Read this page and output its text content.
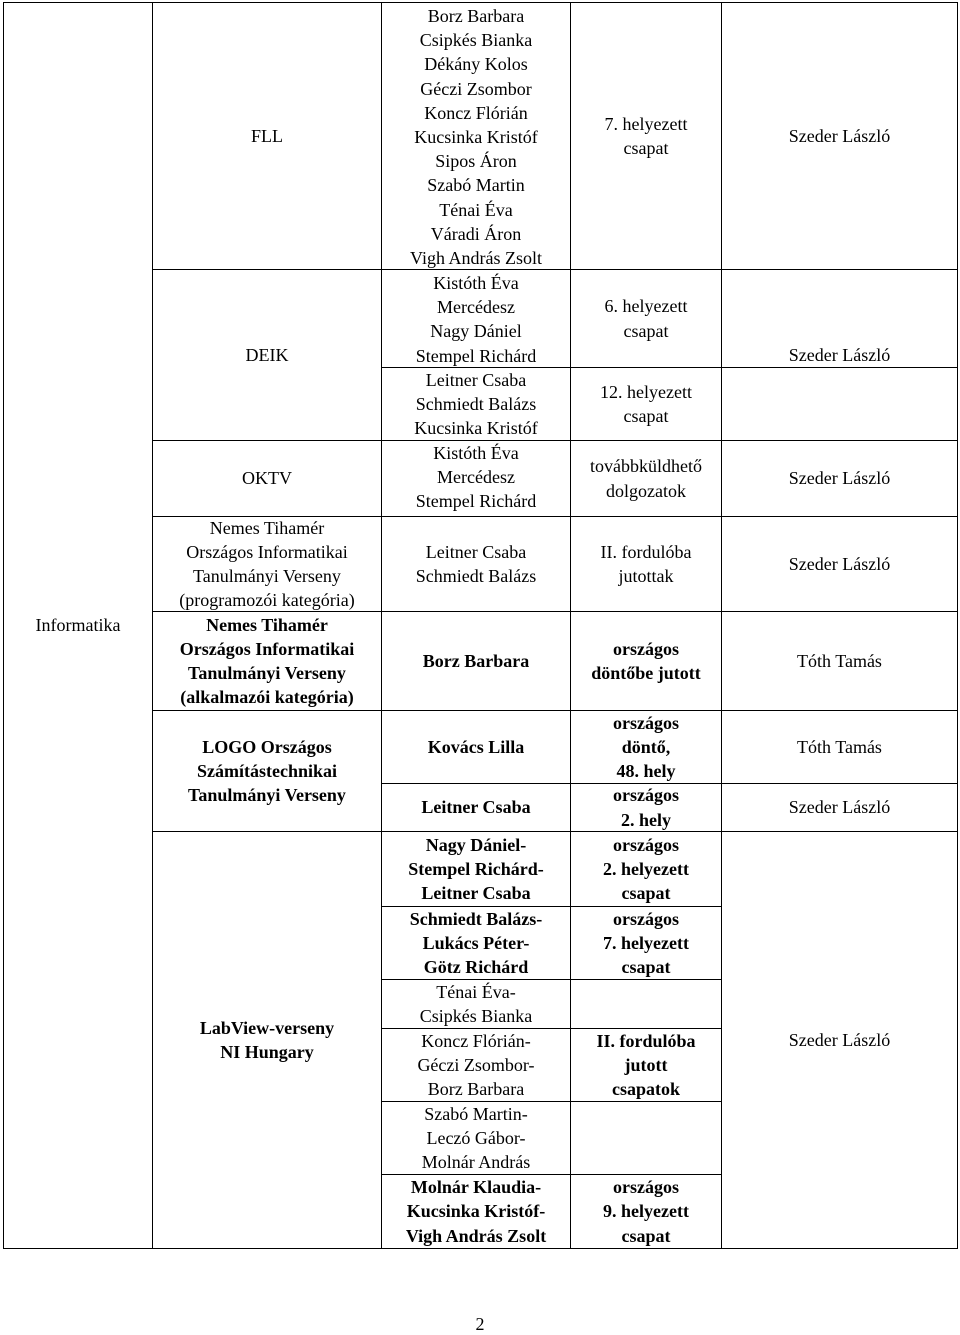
Informatika
FLL
DEIK
OKTV
Nemes Tihamér
Országos Informatikai
Tanulmányi Verseny
(programozói kategória)
Nemes Tihamér
Országos Informatikai
Tanulmányi Verseny
(alkalmazói kategória)
LOGO Országos
Számítástechnikai
Tanulmányi Verseny
LabView-verseny
NI Hungary
Borz Barbara
Csipkés Bianka
Dékány Kolos
Géczi Zsombor
Koncz Flórián
Kucsinka Kristóf
Sipos Áron
Szabó Martin
Ténai Éva
Váradi Áron
Vigh András Zsolt
Kistóth Éva
Mercédesz
Nagy Dániel
Stempel Richárd
Leitner Csaba
Schmiedt Balázs
Kucsinka Kristóf
Kistóth Éva
Mercédesz
Stempel Richárd
Leitner Csaba
Schmiedt Balázs
Borz Barbara
Kovács Lilla
Leitner Csaba
Nagy Dániel-
Stempel Richárd-
Leitner Csaba
Schmiedt Balázs-
Lukács Péter-
Götz Richárd
Ténai Éva-
Csipkés Bianka
Koncz Flórián-
Géczi Zsombor-
Borz Barbara
Szabó Martin-
Leczó Gábor-
Molnár András
Molnár Klaudia-
Kucsinka Kristóf-
Vigh András Zsolt
7. helyezett
csapat
6. helyezett
csapat
12. helyezett
csapat
továbbküldhető
dolgozatok
II. fordulóba
jutottak
országos
döntőbe jutott
országos
döntő,
48. hely
országos
2. hely
országos
2. helyezett
csapat
országos
7. helyezett
csapat
II. fordulóba
jutott
csapatok
országos
9. helyezett
csapat
Szeder László
Szeder László
Szeder László
Szeder László
Tóth Tamás
Tóth Tamás
Szeder László
Szeder László
2
